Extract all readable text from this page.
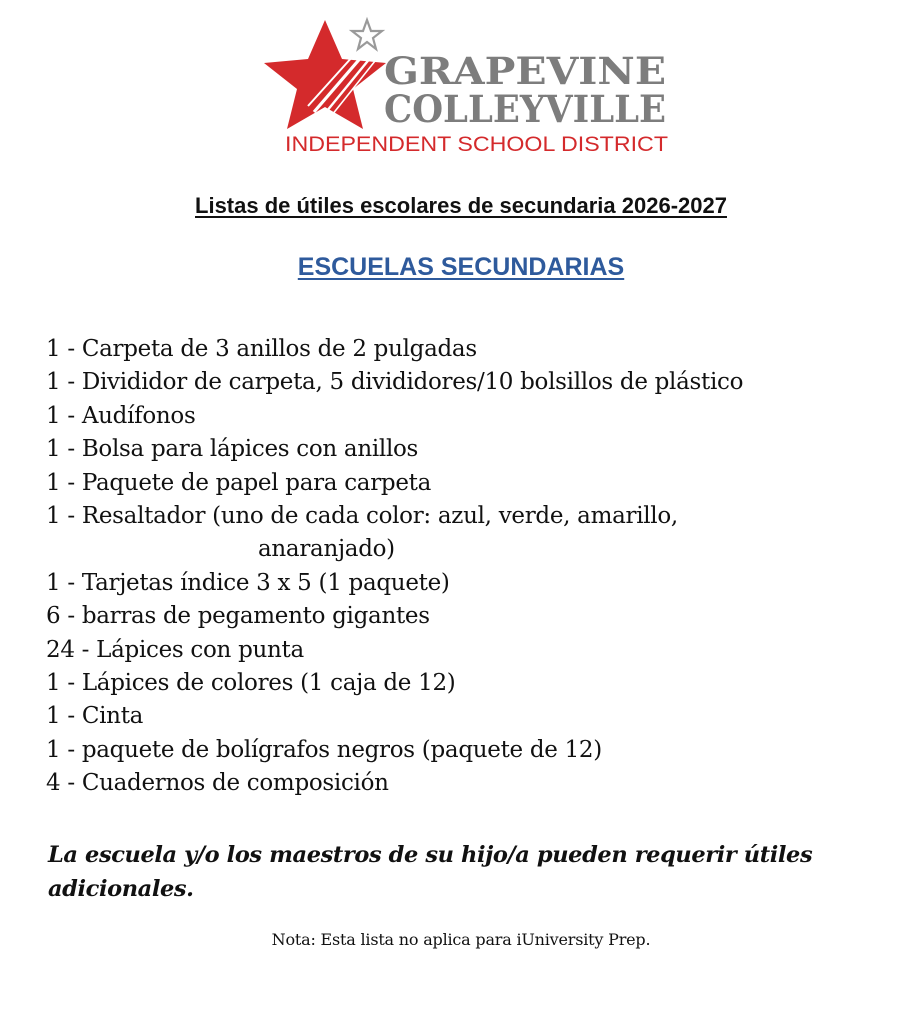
GRAPEVINE
COLLEYVILLE
INDEPENDENT SCHOOL DISTRICT
Listas de útiles escolares de secundaria 2026-2027
ESCUELAS SECUNDARIAS
1 - Carpeta de 3 anillos de 2 pulgadas
1 - Divididor de carpeta, 5 divididores/10 bolsillos de plástico
1 - Audífonos
1 - Bolsa para lápices con anillos
1 - Paquete de papel para carpeta
1 - Resaltador (uno de cada color: azul, verde, amarillo,
anaranjado)
1 - Tarjetas índice 3 x 5 (1 paquete)
6 - barras de pegamento gigantes
24 - Lápices con punta
1 - Lápices de colores (1 caja de 12)
1 - Cinta
1 - paquete de bolígrafos negros (paquete de 12)
4 - Cuadernos de composición
La escuela y/o los maestros de su hijo/a pueden requerir útiles adicionales.
Nota: Esta lista no aplica para iUniversity Prep.
